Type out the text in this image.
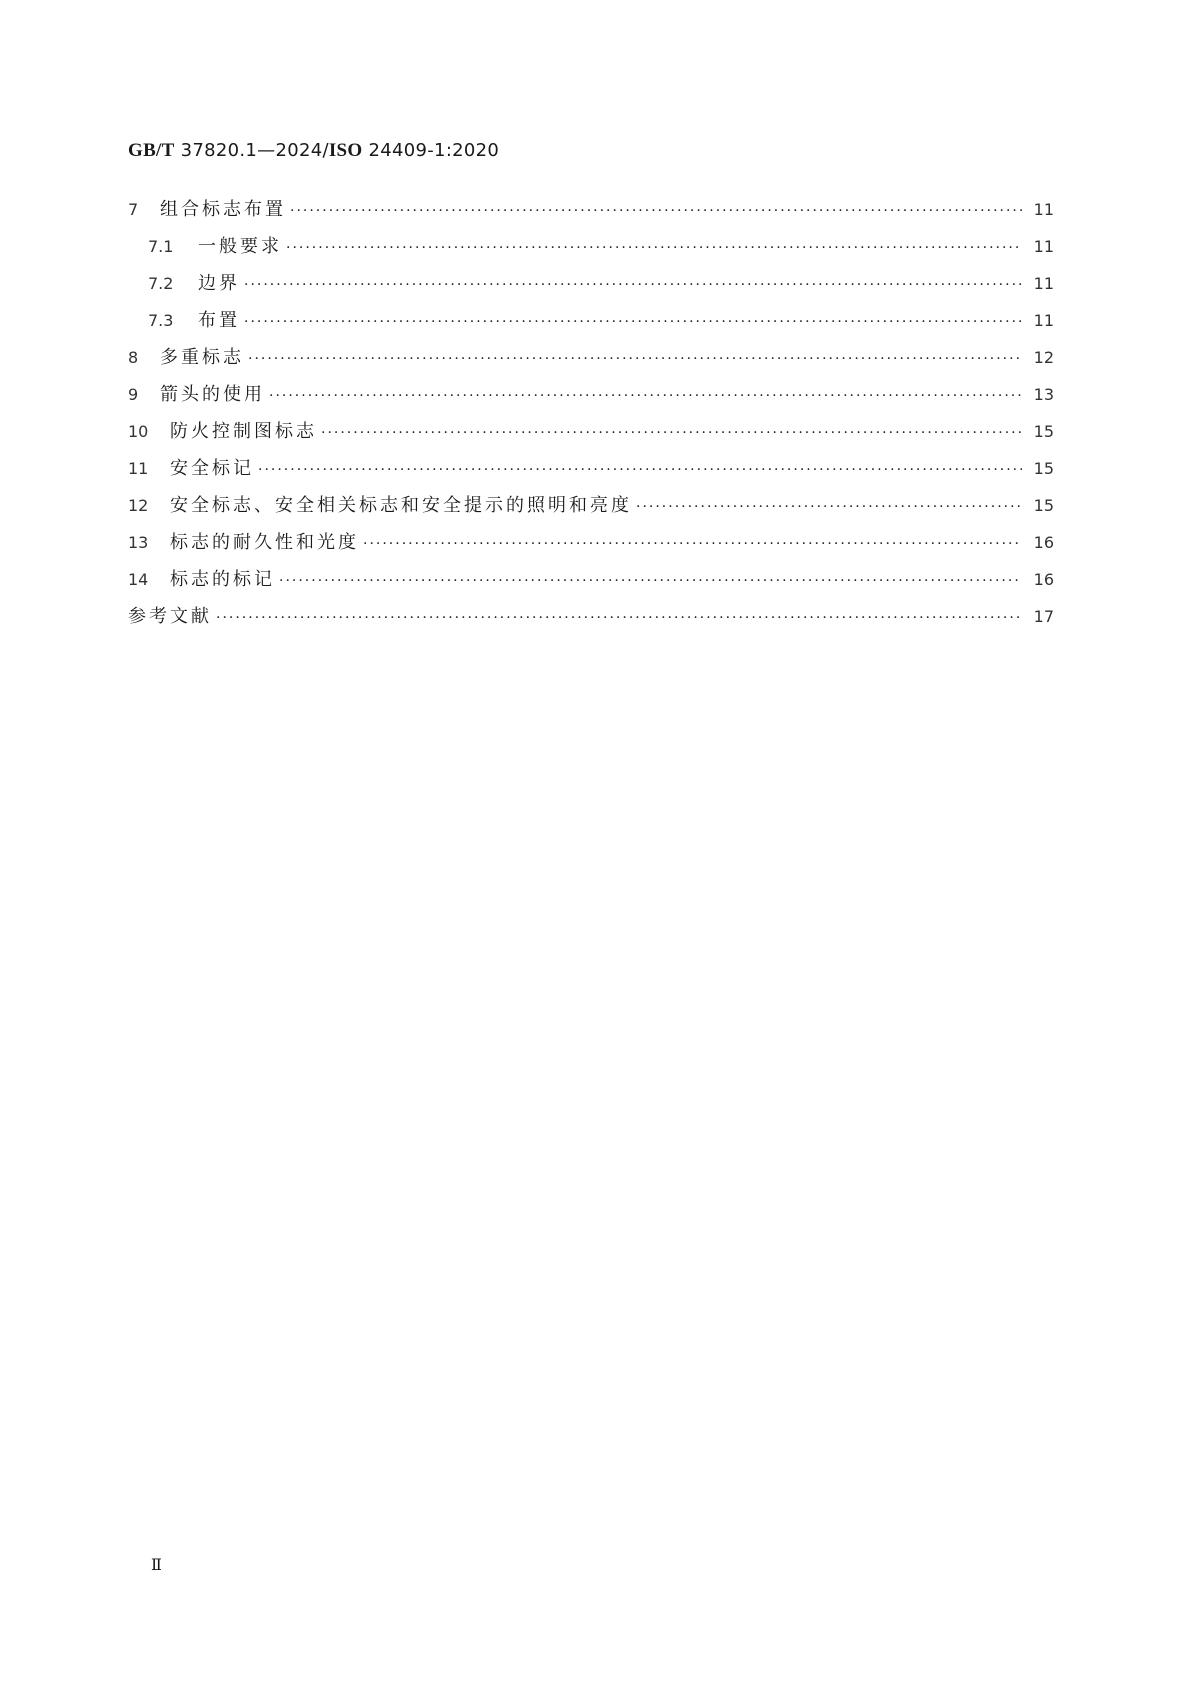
GB/T 37820.1—2024/ISO 24409-1:2020
7	组合标志布置 ·····	11
7.1	一般要求 ·····	11
7.2	边界 ·····	11
7.3	布置 ·····	11
8	多重标志 ·····	12
9	箭头的使用 ·····	13
10	防火控制图标志 ·····	15
11	安全标记 ·····	15
12	安全标志、安全相关标志和安全提示的照明和亮度 ·····	15
13	标志的耐久性和光度 ·····	16
14	标志的标记 ·····	16
参考文献 ·····	17
Ⅱ
